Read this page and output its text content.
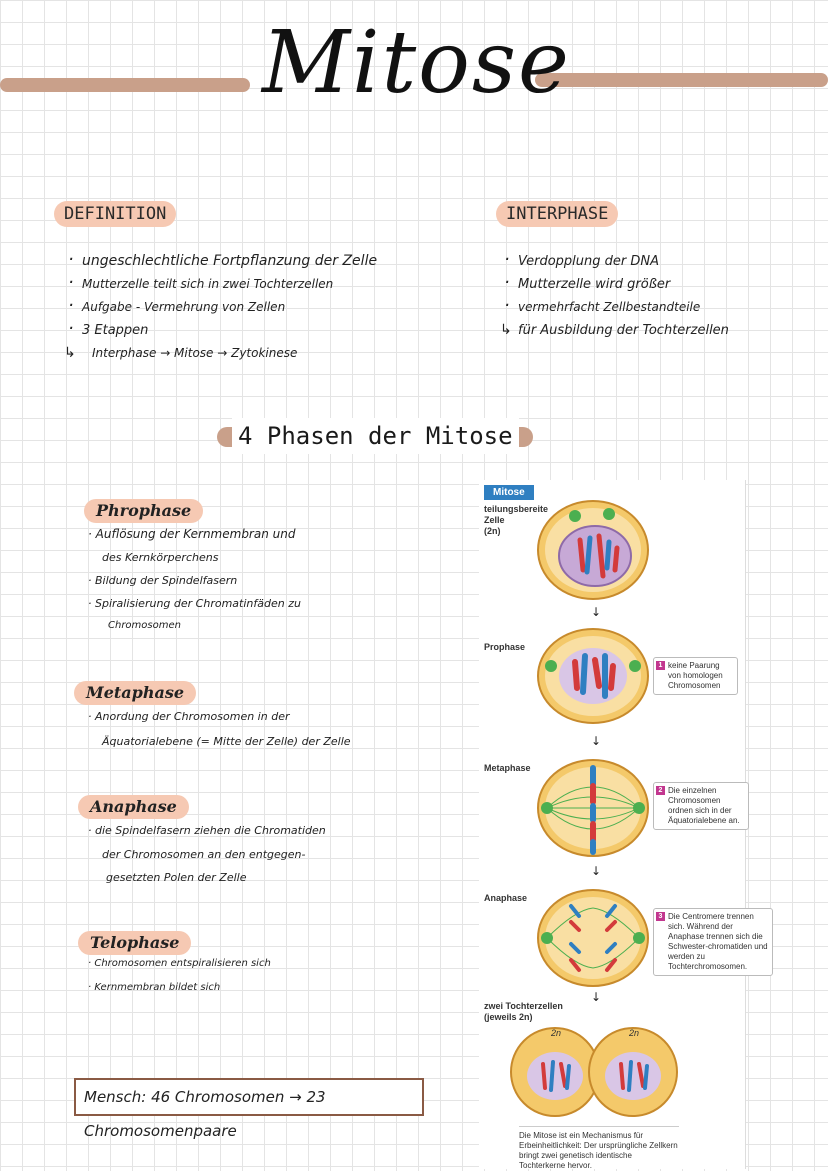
Mitose
DEFINITION
· ungeschlechtliche Fortpflanzung der Zelle
· Mutterzelle teilt sich in zwei Tochterzellen
· Aufgabe - Vermehrung von Zellen
· 3 Etappen
↳ Interphase → Mitose → Zytokinese
INTERPHASE
· Verdopplung der DNA
· Mutterzelle wird größer
· vermehrfacht Zellbestandteile
↳ für Ausbildung der Tochterzellen
4 Phasen der Mitose
Phrophase
· Auflösung der Kernmembran und
des Kernkörperchens
· Bildung der Spindelfasern
· Spiralisierung der Chromatinfäden zu
Chromosomen
Metaphase
· Anordung der Chromosomen in der
Äquatorialebene (= Mitte der Zelle) der Zelle
Anaphase
· die Spindelfasern ziehen die Chromatiden
der Chromosomen an den entgegen-
gesetzten Polen der Zelle
Telophase
· Chromosomen entspiralisieren sich
· Kernmembran bildet sich
Mensch: 46 Chromosomen → 23 Chromosomenpaare
Mitose
teilungsbereite
Zelle
(2n)
Prophase
Metaphase
Anaphase
zwei Tochterzellen
(jeweils 2n)
↓
1 keine Paarung von homologen Chromosomen
↓
2 Die einzelnen Chromosomen ordnen sich in der Äquatorialebene an.
↓
3 Die Centromere trennen sich. Während der Anaphase trennen sich die Schwester-chromatiden und werden zu Tochterchromosomen.
↓
2n	2n
Die Mitose ist ein Mechanismus für Erbeinheitlichkeit: Der ursprüngliche Zellkern bringt zwei genetisch identische Tochterkerne hervor.
